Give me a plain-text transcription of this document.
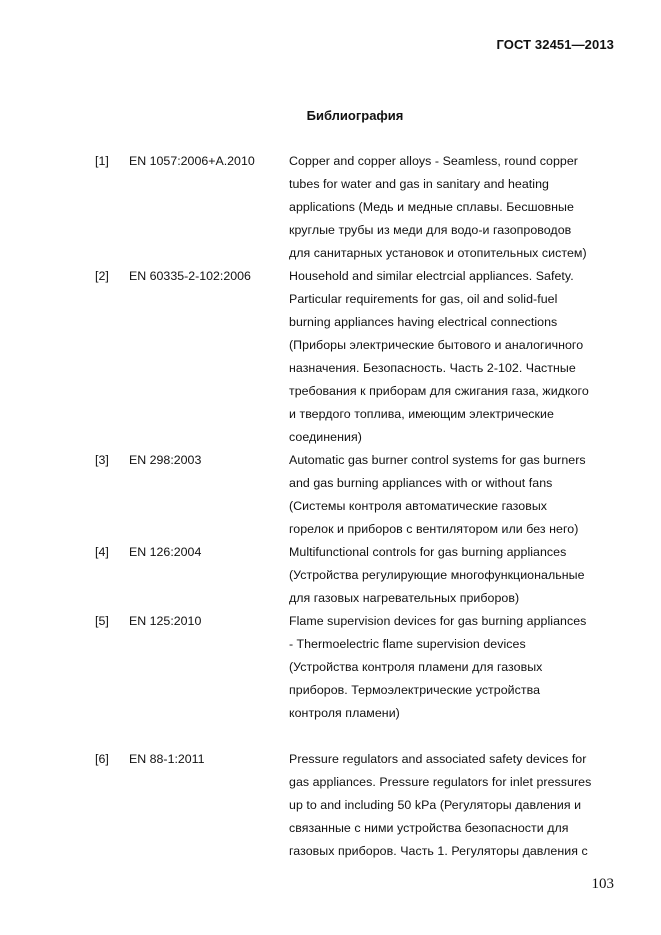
ГОСТ 32451—2013
Библиография
[1] EN 1057:2006+A.2010	Copper and copper alloys - Seamless, round copper

tubes for water and gas in sanitary and heating

applications (Медь и медные сплавы. Бесшовные

круглые трубы из меди для водо-и газопроводов

для санитарных установок и отопительных систем)

[2] EN 60335-2-102:2006	Household and similar electrcial appliances. Safety.

Particular requirements for gas, oil and solid-fuel

burning appliances having electrical connections

(Приборы электрические бытового и аналогичного

назначения. Безопасность. Часть 2-102. Частные

требования к приборам для сжигания газа, жидкого

и твердого топлива, имеющим электрические

соединения)

[3] EN 298:2003	Automatic gas burner control systems for gas burners

and gas burning appliances with or without fans

(Системы контроля автоматические газовых

горелок и приборов с вентилятором или без него)

[4] EN 126:2004	Multifunctional controls for gas burning appliances

(Устройства регулирующие многофункциональные

для газовых нагревательных приборов)

[5] EN 125:2010	Flame supervision devices for gas burning appliances

- Thermoelectric flame supervision devices

(Устройства контроля пламени для газовых

приборов. Термоэлектрические устройства

контроля пламени)

[6] EN 88-1:2011	Pressure regulators and associated safety devices for

gas appliances. Pressure regulators for inlet pressures

up to and including 50 kPa (Регуляторы давления и

связанные с ними устройства безопасности для

газовых приборов. Часть 1. Регуляторы давления с

103
